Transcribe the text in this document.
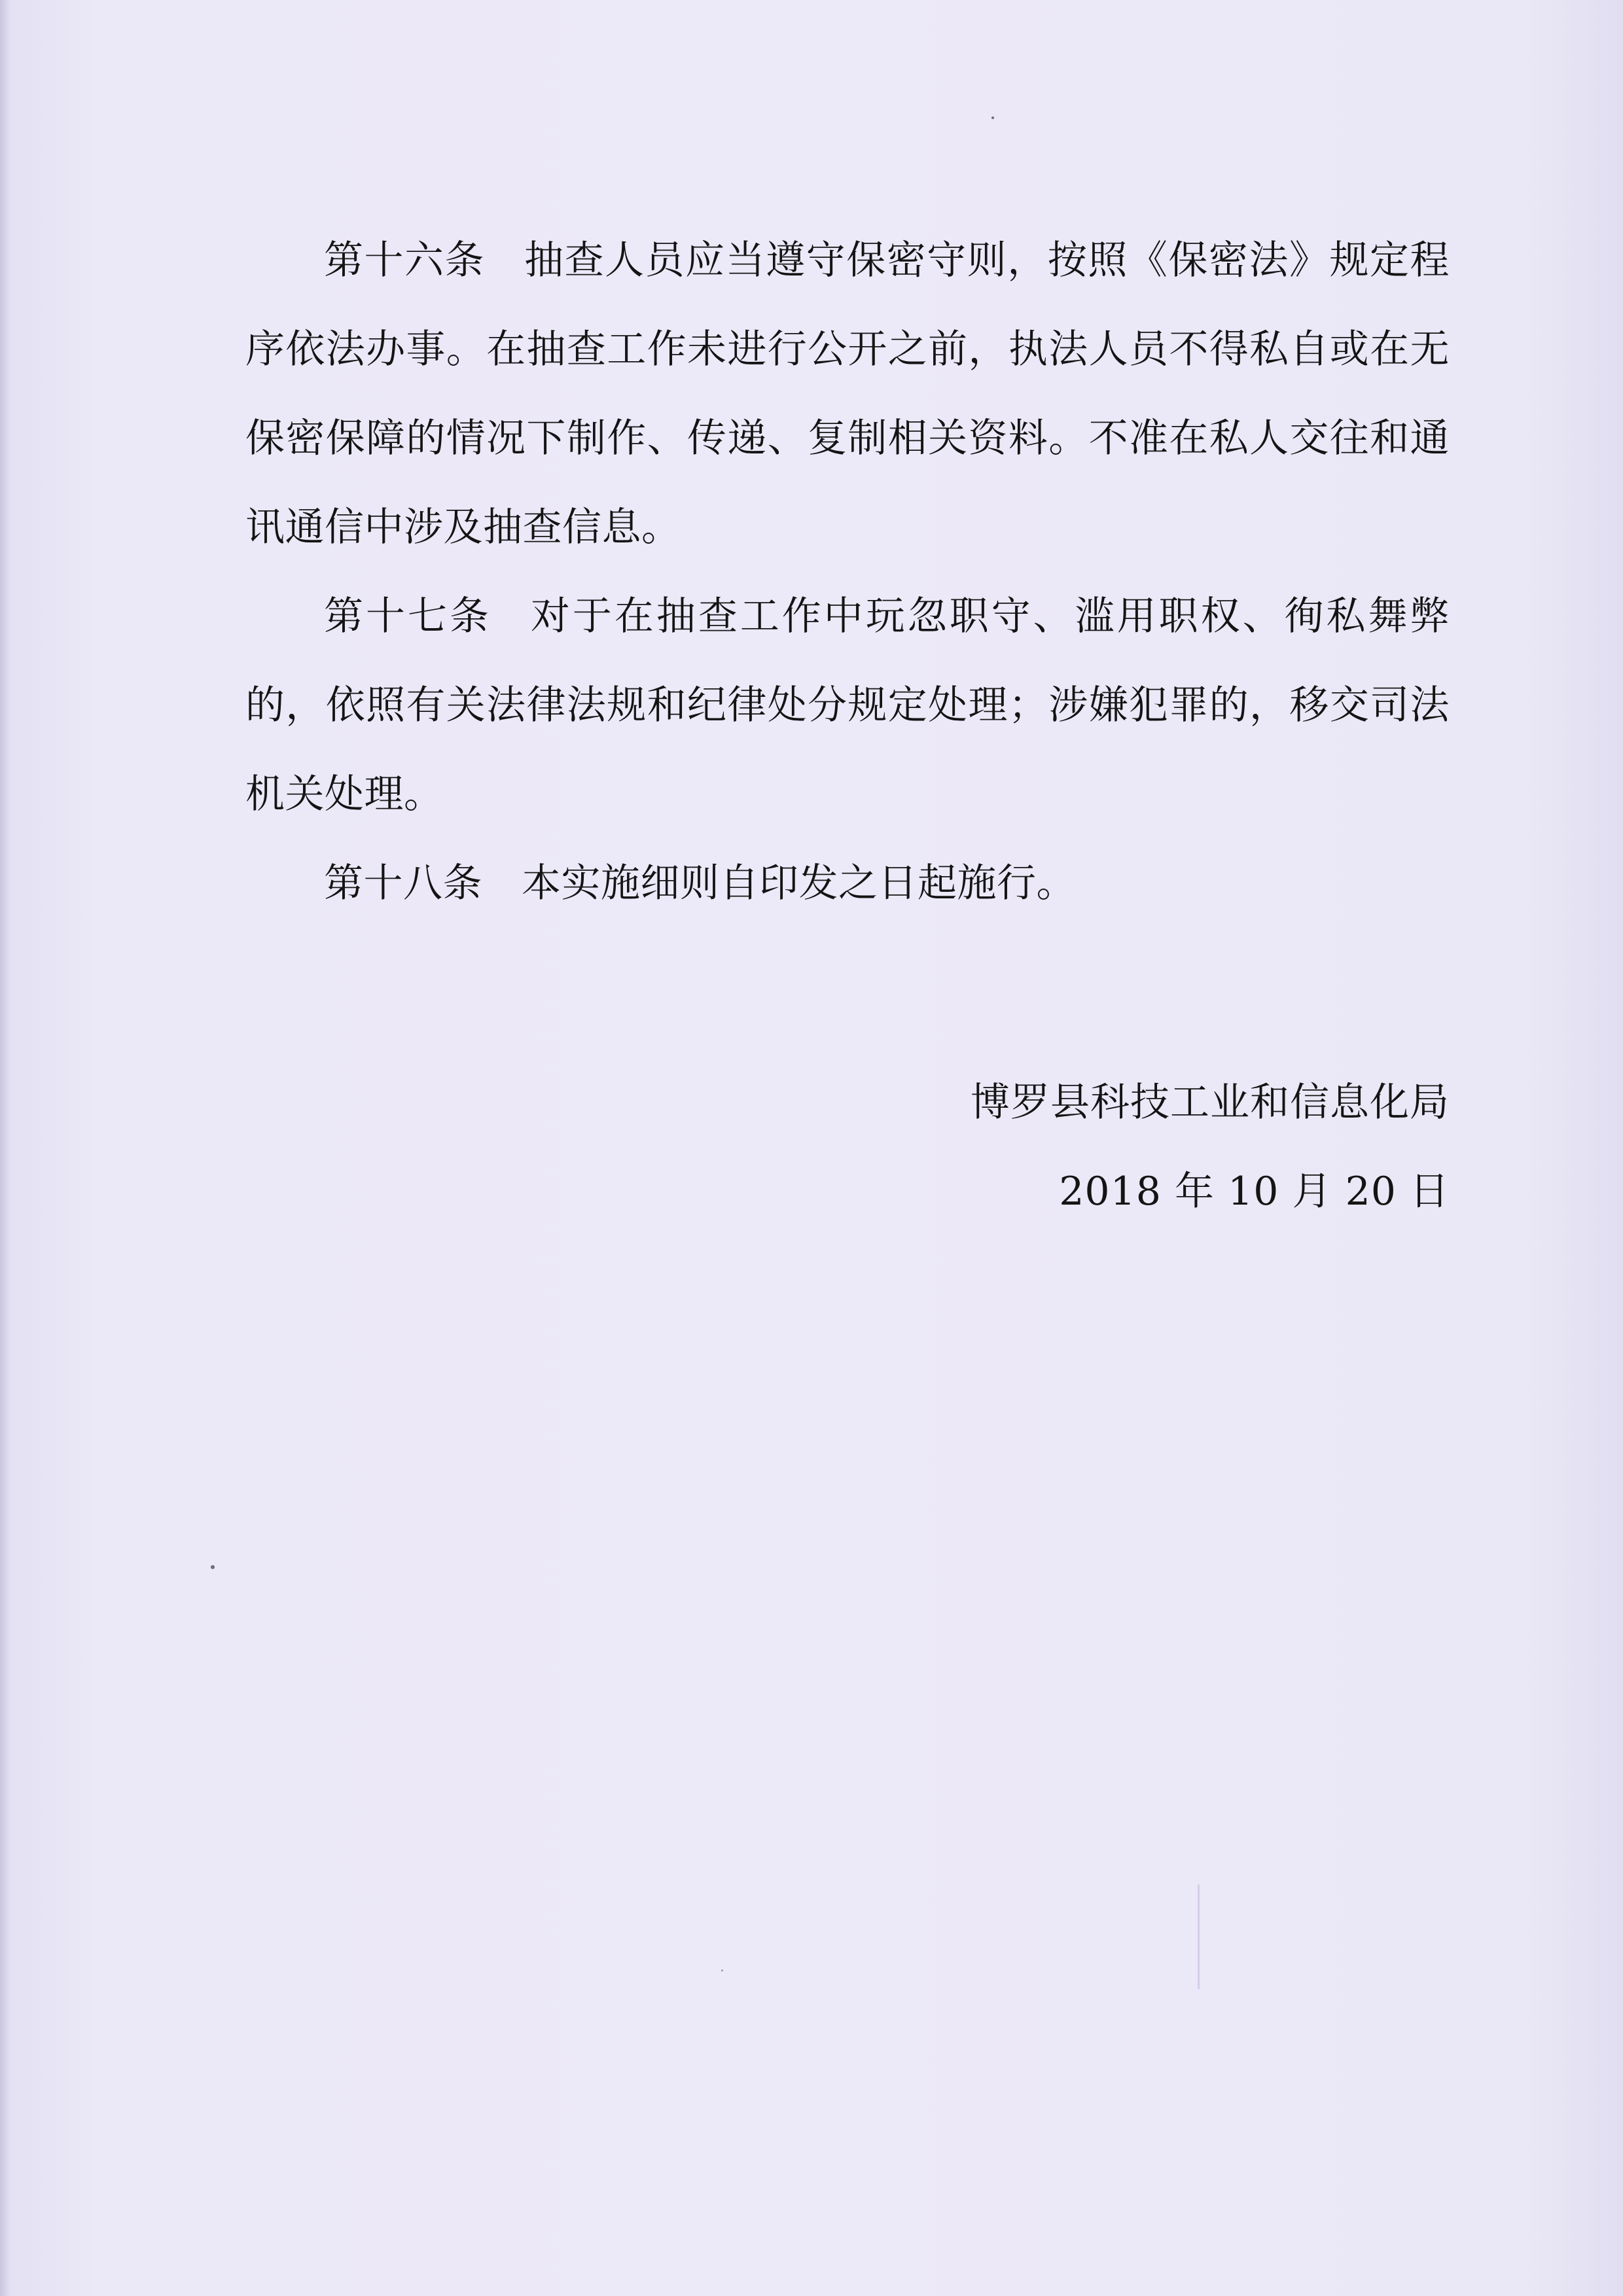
第十六条 抽查人员应当遵守保密守则，按照《保密法》规定程序依法办事。在抽查工作未进行公开之前，执法人员不得私自或在无保密保障的情况下制作、传递、复制相关资料。不准在私人交往和通讯通信中涉及抽查信息。

第十七条 对于在抽查工作中玩忽职守、滥用职权、徇私舞弊的，依照有关法律法规和纪律处分规定处理；涉嫌犯罪的，移交司法机关处理。

第十八条 本实施细则自印发之日起施行。

博罗县科技工业和信息化局
2018 年 10 月 20 日
